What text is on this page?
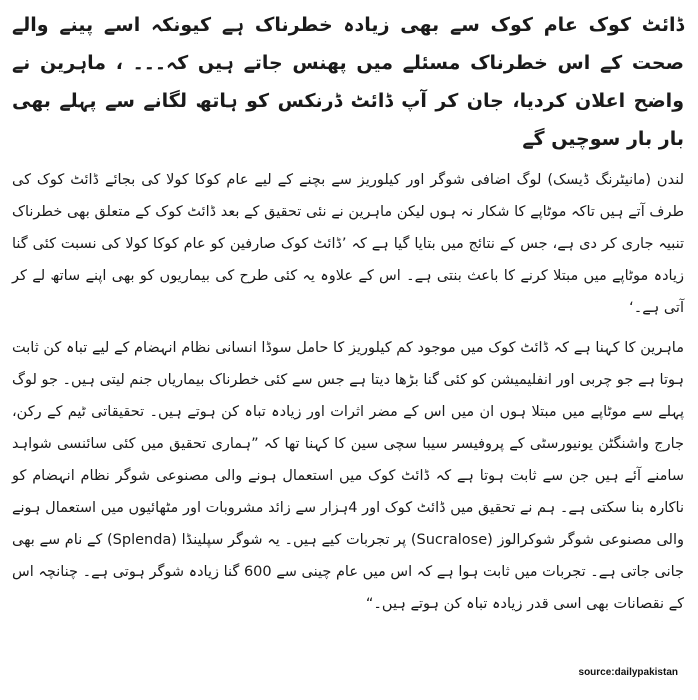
ڈائٹ کوک عام کوک سے بھی زیادہ خطرناک ہے کیونکہ اسے پینے والے صحت کے اس خطرناک مسئلے میں پھنس جاتے ہیں کہ۔۔۔ ، ماہرین نے واضح اعلان کردیا، جان کر آپ ڈائٹ ڈرنکس کو ہاتھ لگانے سے پہلے بھی بار بار سوچیں گے

لندن (مانیٹرنگ ڈیسک) لوگ اضافی شوگر اور کیلوریز سے بچنے کے لیے عام کوکا کولا کی بجائے ڈائٹ کوک کی طرف آتے ہیں تاکہ موٹاپے کا شکار نہ ہوں لیکن ماہرین نے نئی تحقیق کے بعد ڈائٹ کوک کے متعلق بھی خطرناک تنبیہ جاری کر دی ہے، جس کے نتائج میں بتایا گیا ہے کہ ’ڈائٹ کوک صارفین کو عام کوکا کولا کی نسبت کئی گنا زیادہ موٹاپے میں مبتلا کرنے کا باعث بنتی ہے۔ اس کے علاوہ یہ کئی طرح کی بیماریوں کو بھی اپنے ساتھ لے کر آتی ہے۔‘

ماہرین کا کہنا ہے کہ ڈائٹ کوک میں موجود کم کیلوریز کا حامل سوڈا انسانی نظام انہضام کے لیے تباہ کن ثابت ہوتا ہے جو چربی اور انفلیمیشن کو کئی گنا بڑھا دیتا ہے جس سے کئی خطرناک بیماریاں جنم لیتی ہیں۔ جو لوگ پہلے سے موٹاپے میں مبتلا ہوں ان میں اس کے مضر اثرات اور زیادہ تباہ کن ہوتے ہیں۔ تحقیقاتی ٹیم کے رکن، جارج واشنگٹن یونیورسٹی کے پروفیسر سیبا سچی سین کا کہنا تھا کہ ”ہماری تحقیق میں کئی سائنسی شواہد سامنے آئے ہیں جن سے ثابت ہوتا ہے کہ ڈائٹ کوک میں استعمال ہونے والی مصنوعی شوگر نظام انہضام کو ناکارہ بنا سکتی ہے۔ ہم نے تحقیق میں ڈائٹ کوک اور 4ہزار سے زائد مشروبات اور مٹھائیوں میں استعمال ہونے والی مصنوعی شوگر شوکرالوز (Sucralose) پر تجربات کیے ہیں۔ یہ شوگر سپلینڈا (Splenda) کے نام سے بھی جانی جاتی ہے۔ تجربات میں ثابت ہوا ہے کہ اس میں عام چینی سے 600 گنا زیادہ شوگر ہوتی ہے۔ چنانچہ اس کے نقصانات بھی اسی قدر زیادہ تباہ کن ہوتے ہیں۔“

source:dailypakistan
